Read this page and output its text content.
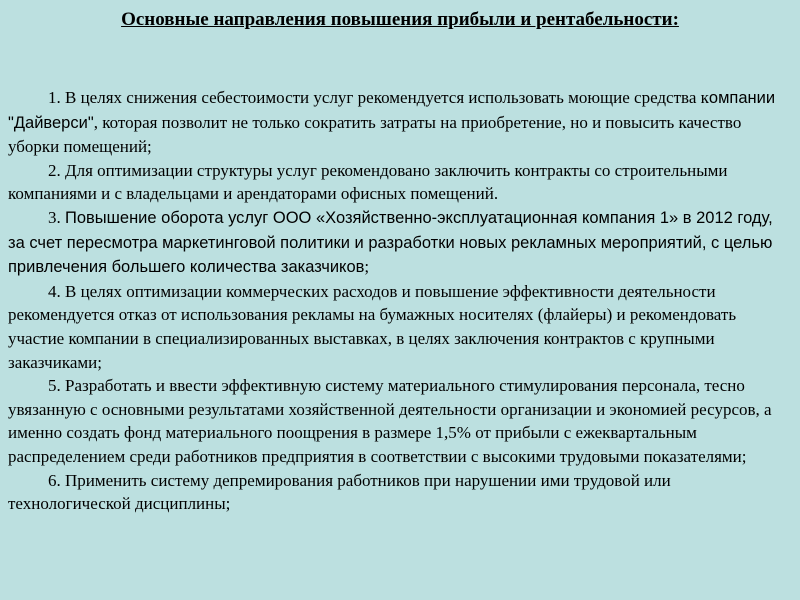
Основные направления повышения прибыли и рентабельности:

1. В целях снижения себестоимости услуг рекомендуется использовать моющие средства компании "Дайверси", которая позволит не только сократить затраты на приобретение, но и повысить качество уборки помещений;

2. Для оптимизации структуры услуг рекомендовано заключить контракты со строительными компаниями и с владельцами и арендаторами офисных помещений.

3. Повышение оборота услуг ООО «Хозяйственно-эксплуатационная компания 1» в 2012 году, за счет пересмотра маркетинговой политики и разработки новых рекламных мероприятий, с целью привлечения большего количества заказчиков;

4. В целях оптимизации коммерческих расходов и повышение эффективности деятельности рекомендуется отказ от использования рекламы на бумажных носителях (флайеры) и рекомендовать участие компании в специализированных выставках, в целях заключения контрактов с крупными заказчиками;

5. Разработать и ввести эффективную систему материального стимулирования персонала, тесно увязанную с основными результатами хозяйственной деятельности организации и экономией ресурсов, а именно создать фонд материального поощрения в размере 1,5% от прибыли с ежеквартальным распределением среди работников предприятия в соответствии с высокими трудовыми показателями;

6. Применить систему депремирования работников при нарушении ими трудовой или технологической дисциплины;
